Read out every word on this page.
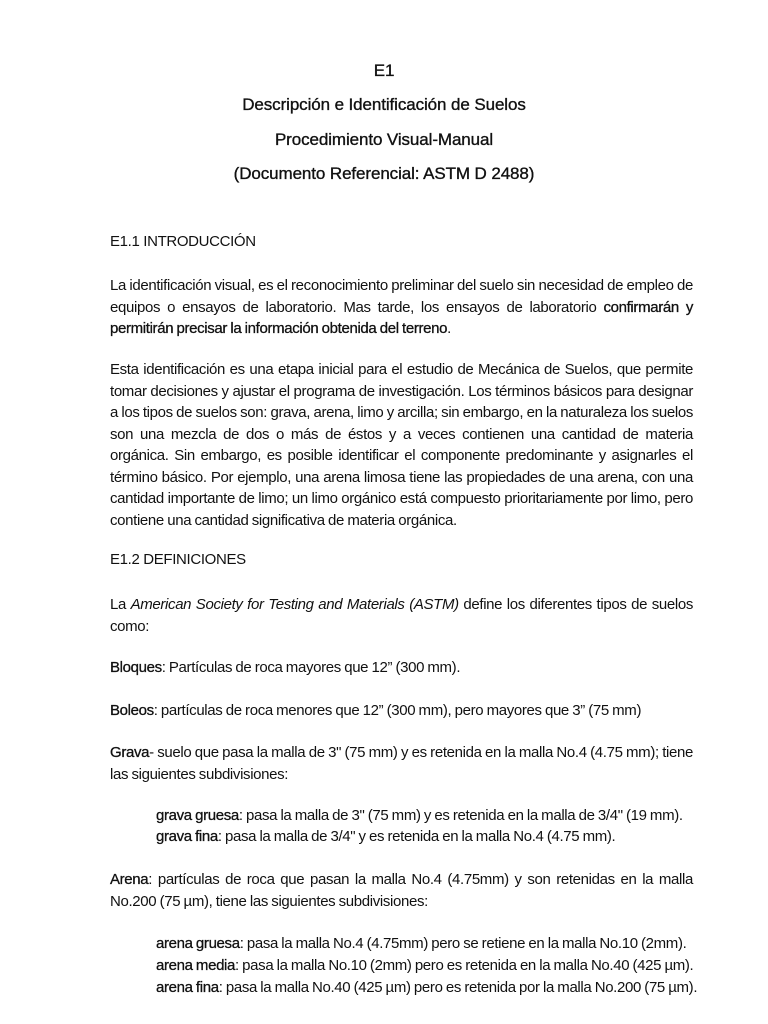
E1
Descripción e Identificación de Suelos
Procedimiento Visual-Manual
(Documento Referencial: ASTM D 2488)
E1.1 INTRODUCCIÓN
La identificación visual, es el reconocimiento preliminar del suelo sin necesidad de empleo de equipos o ensayos de laboratorio. Mas tarde, los ensayos de laboratorio confirmarán y permitirán precisar la información obtenida del terreno.
Esta identificación es una etapa inicial para el estudio de Mecánica de Suelos, que permite tomar decisiones y ajustar el programa de investigación. Los términos básicos para designar a los tipos de suelos son: grava, arena, limo y arcilla; sin embargo, en la naturaleza los suelos son una mezcla de dos o más de éstos y a veces contienen una cantidad de materia orgánica. Sin embargo, es posible identificar el componente predominante y asignarles el término básico. Por ejemplo, una arena limosa tiene las propiedades de una arena, con una cantidad importante de limo; un limo orgánico está compuesto prioritariamente por limo, pero contiene una cantidad significativa de materia orgánica.
E1.2 DEFINICIONES
La American Society for Testing and Materials (ASTM) define los diferentes tipos de suelos como:
Bloques: Partículas de roca mayores que 12” (300 mm).
Boleos: partículas de roca menores que 12” (300 mm), pero mayores que 3” (75 mm)
Grava- suelo que pasa la malla de 3" (75 mm) y es retenida en la malla No.4 (4.75 mm); tiene las siguientes subdivisiones:
grava gruesa: pasa la malla de 3" (75 mm) y es retenida en la malla de 3/4" (19 mm).
grava fina: pasa la malla de 3/4" y es retenida en la malla No.4 (4.75 mm).
Arena: partículas de roca que pasan la malla No.4 (4.75mm) y son retenidas en la malla No.200 (75 µm), tiene las siguientes subdivisiones:
arena gruesa: pasa la malla No.4 (4.75mm) pero se retiene en la malla No.10 (2mm).
arena media: pasa la malla No.10 (2mm) pero es retenida en la malla No.40 (425 µm).
arena fina: pasa la malla No.40 (425 µm) pero es retenida por la malla No.200 (75 µm).
